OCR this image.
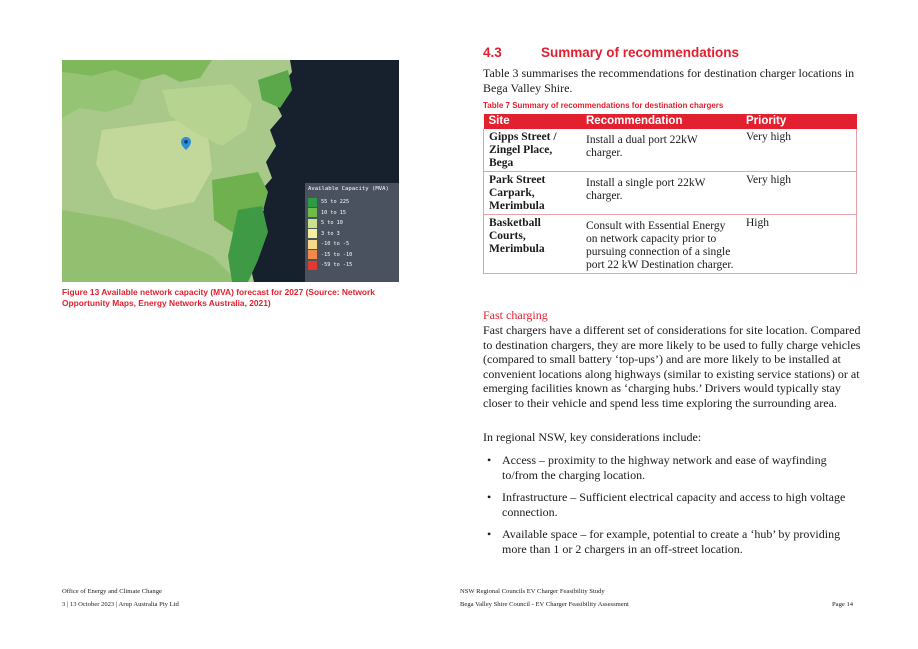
Available Capacity (MVA)
55 to 225
10 to 15
5 to 10
3 to 3
-10 to -5
-15 to -10
-59 to -15
Figure 13 Available network capacity (MVA) forecast for 2027 (Source: Network Opportunity Maps, Energy Networks Australia, 2021)
4.3	Summary of recommendations
Table 3 summarises the recommendations for destination charger locations in Bega Valley Shire.
Table 7 Summary of recommendations for destination chargers
Site	Recommendation	Priority
Gipps Street / Zingel Place, Bega	Install a dual port 22kW charger.	Very high
Park Street Carpark, Merimbula	Install a single port 22kW charger.	Very high
Basketball Courts, Merimbula	Consult with Essential Energy on network capacity prior to pursuing connection of a single port 22 kW Destination charger.	High
Fast charging
Fast chargers have a different set of considerations for site location. Compared to destination chargers, they are more likely to be used to fully charge vehicles (compared to small battery ‘top-ups’) and are more likely to be installed at convenient locations along highways (similar to existing service stations) or at emerging facilities known as ‘charging hubs.’ Drivers would typically stay closer to their vehicle and spend less time exploring the surrounding area.
In regional NSW, key considerations include:
• Access – proximity to the highway network and ease of wayfinding to/from the charging location.
• Infrastructure – Sufficient electrical capacity and access to high voltage connection.
• Available space – for example, potential to create a ‘hub’ by providing more than 1 or 2 chargers in an off-street location.
Office of Energy and Climate Change
3 | 13 October 2023 | Arup Australia Pty Ltd
NSW Regional Councils EV Charger Feasibility Study
Bega Valley Shire Council - EV Charger Feasibility Assessment	Page 14
